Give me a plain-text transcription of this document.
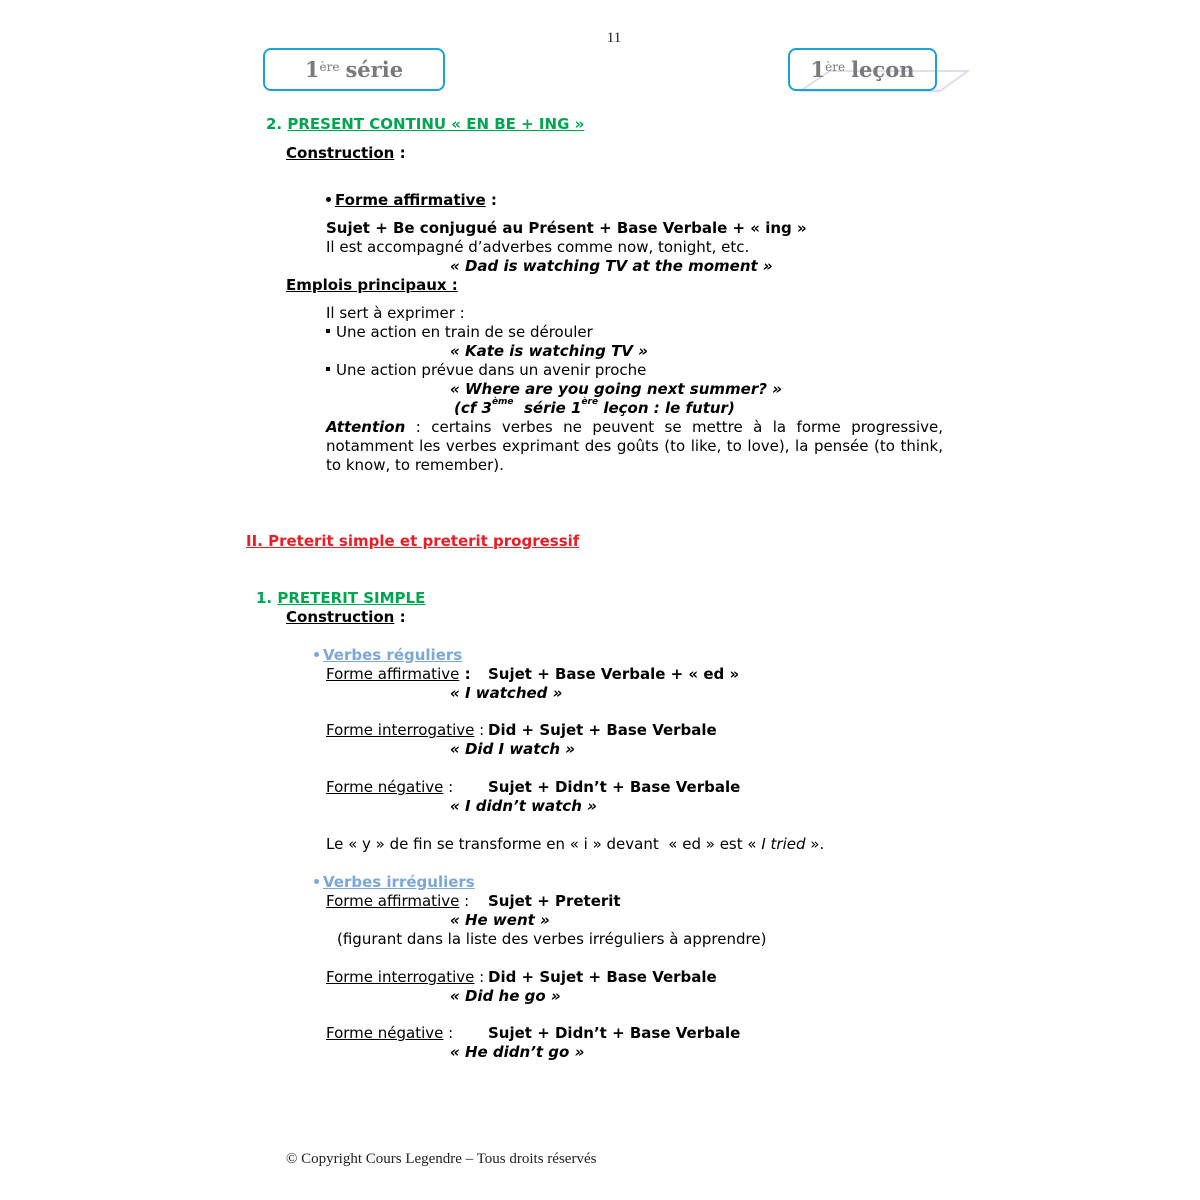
11
1ère série	1ère leçon
2. PRESENT CONTINU « EN BE + ING »
Construction :
Forme affirmative :
Sujet + Be conjugué au Présent + Base Verbale + « ing »
Il est accompagné d’adverbes comme now, tonight, etc.
« Dad is watching TV at the moment »
Emplois principaux :
Il sert à exprimer :
Une action en train de se dérouler
« Kate is watching TV »
Une action prévue dans un avenir proche
« Where are you going next summer? »
(cf 3ème  série 1ère leçon : le futur)
Attention : certains verbes ne peuvent se mettre à la forme progressive, notamment les verbes exprimant des goûts (to like, to love), la pensée (to think, to know, to remember).
II. Preterit simple et preterit progressif
1. PRETERIT SIMPLE
Construction :
Verbes réguliers
Forme affirmative : Sujet + Base Verbale + « ed »
« I watched »
Forme interrogative : Did + Sujet + Base Verbale
« Did I watch »
Forme négative : Sujet + Didn’t + Base Verbale
« I didn’t watch »
Le « y » de fin se transforme en « i » devant  « ed » est « I tried ».
Verbes irréguliers
Forme affirmative : Sujet + Preterit
« He went »
(figurant dans la liste des verbes irréguliers à apprendre)
Forme interrogative : Did + Sujet + Base Verbale
« Did he go »
Forme négative : Sujet + Didn’t + Base Verbale
« He didn’t go »
© Copyright Cours Legendre – Tous droits réservés
